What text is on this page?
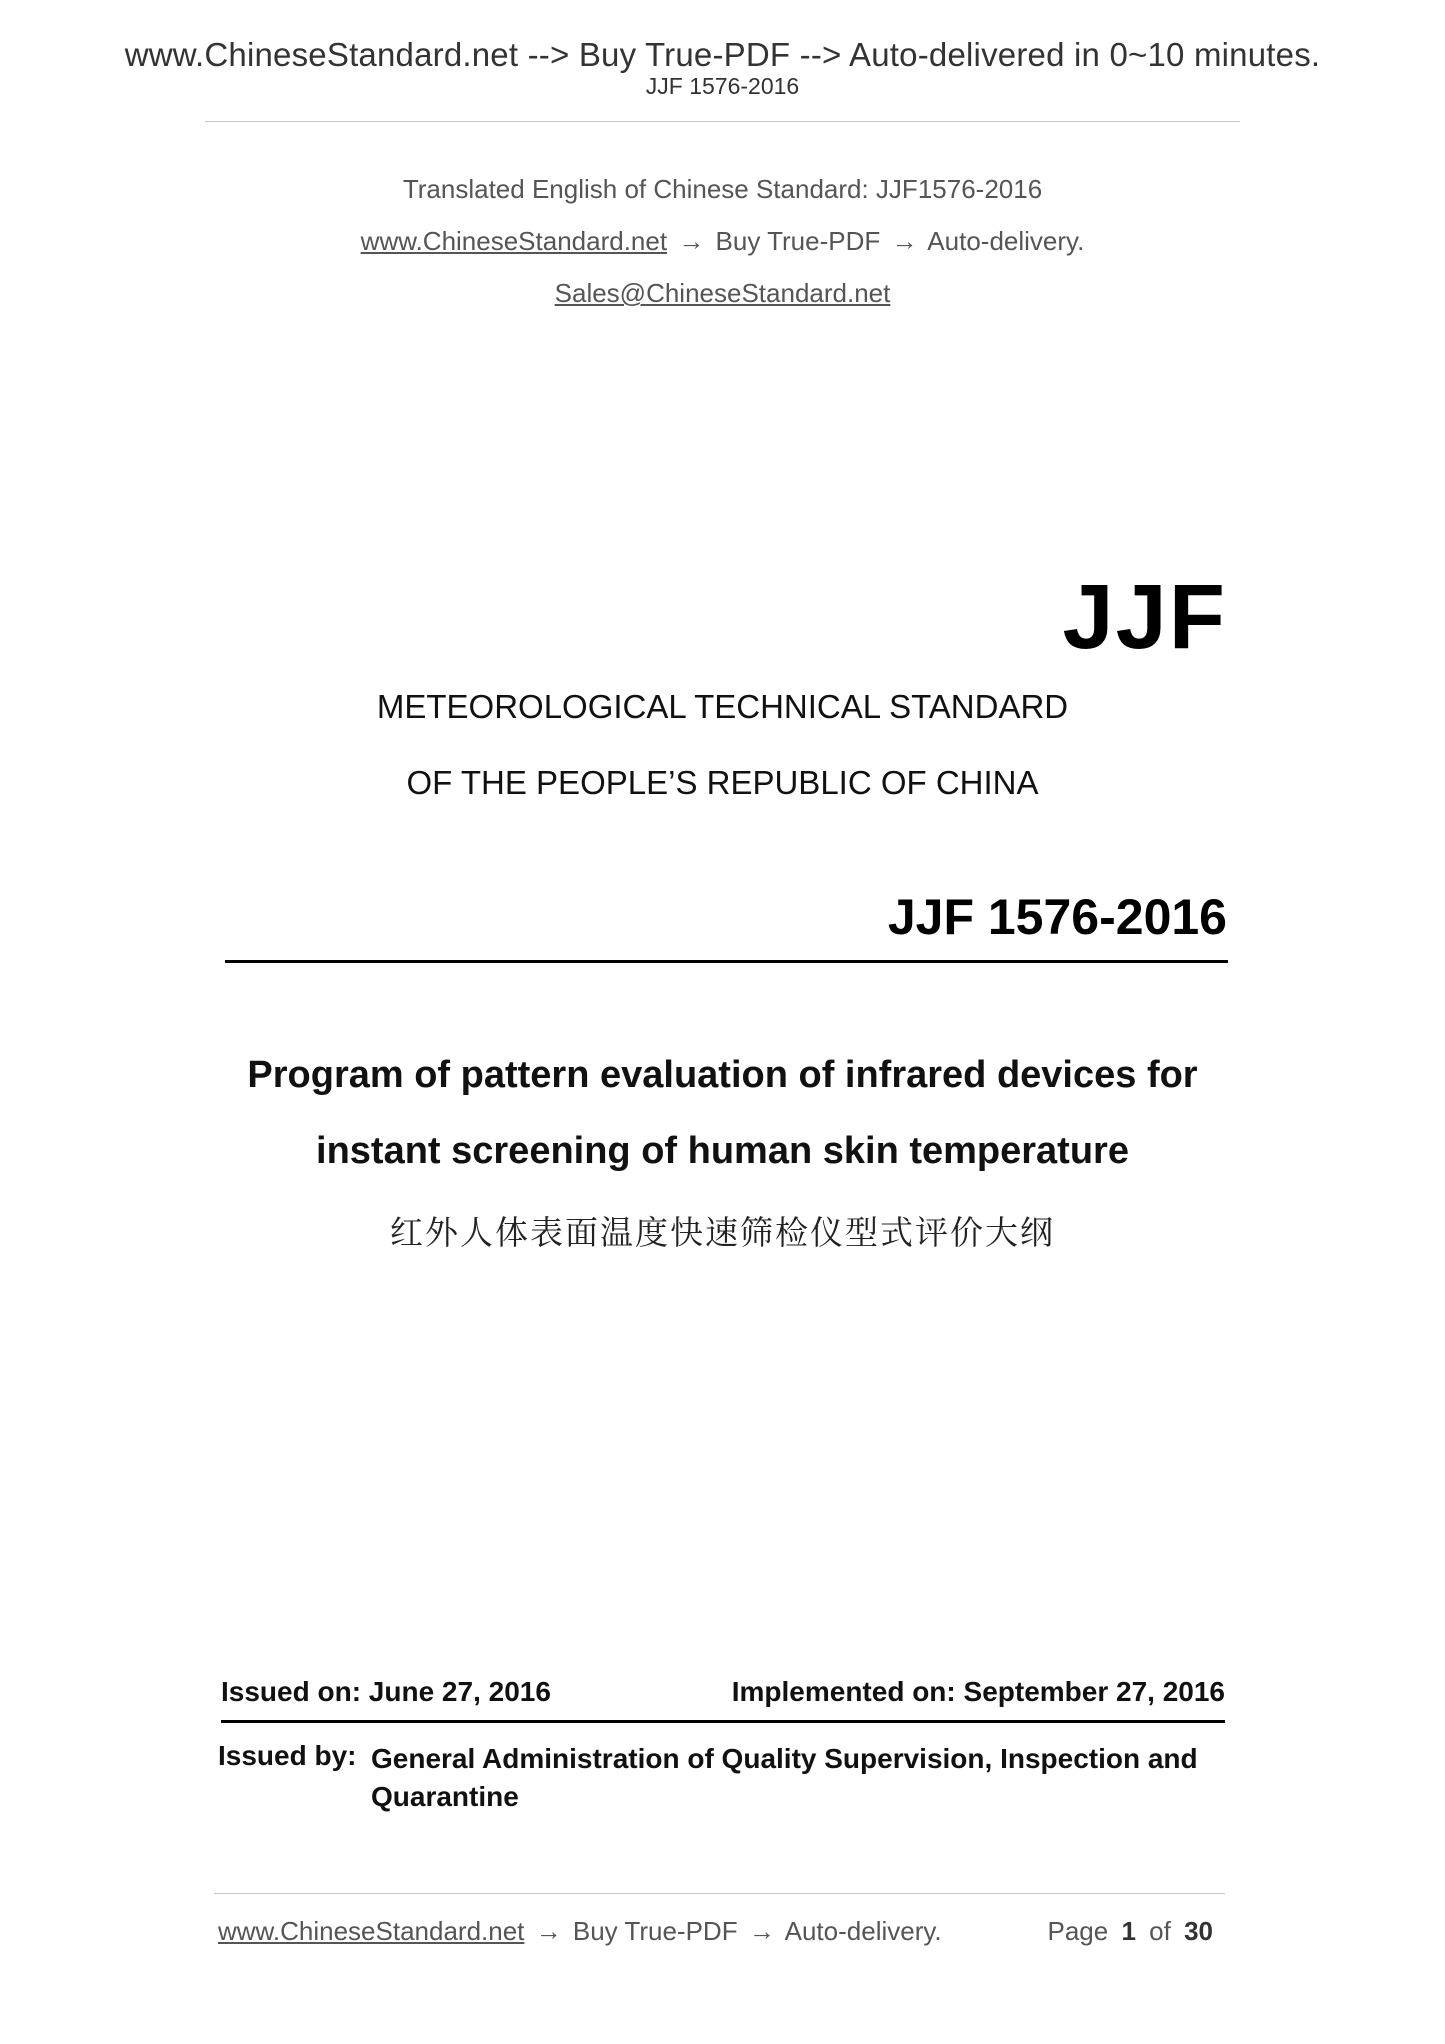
www.ChineseStandard.net --> Buy True-PDF --> Auto-delivered in 0~10 minutes.
JJF 1576-2016
Translated English of Chinese Standard: JJF1576-2016
www.ChineseStandard.net → Buy True-PDF → Auto-delivery.
Sales@ChineseStandard.net
JJF
METEOROLOGICAL TECHNICAL STANDARD
OF THE PEOPLE’S REPUBLIC OF CHINA
JJF 1576-2016
Program of pattern evaluation of infrared devices for
instant screening of human skin temperature
红外人体表面温度快速筛检仪型式评价大纲
Issued on: June 27, 2016	Implemented on: September 27, 2016
Issued by: General Administration of Quality Supervision, Inspection and Quarantine
www.ChineseStandard.net → Buy True-PDF → Auto-delivery.	Page 1 of 30
